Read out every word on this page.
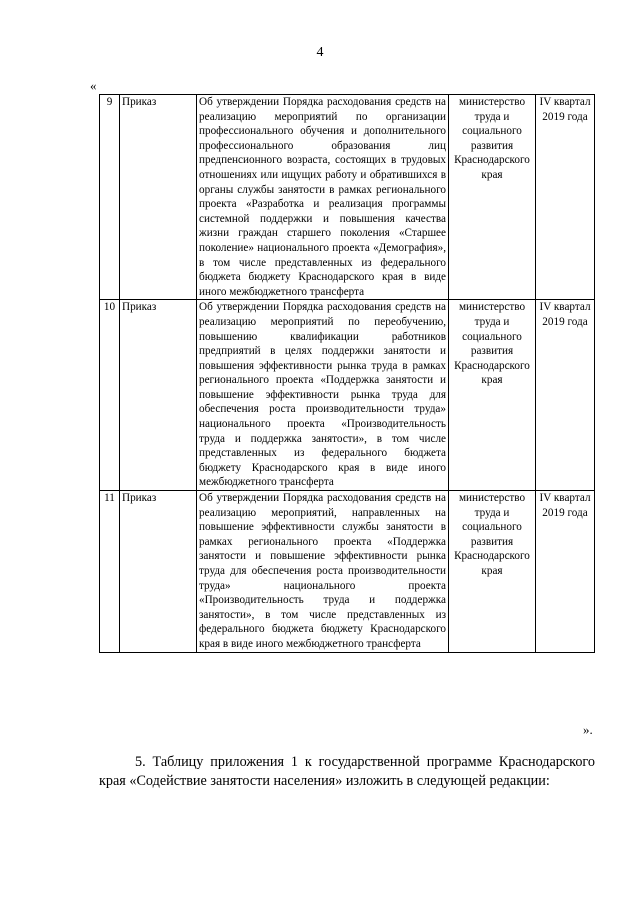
4
«
9	Приказ	Об утверждении Порядка расходования средств на реализацию мероприятий по организации профессионального обучения и дополнительного профессионального образования лиц предпенсионного возраста, состоящих в трудовых отношениях или ищущих работу и обратившихся в органы службы занятости в рамках регионального проекта «Разработка и реализация программы системной поддержки и повышения качества жизни граждан старшего поколения «Старшее поколение» национального проекта «Демография», в том числе представленных из федерального бюджета бюджету Краснодарского края в виде иного межбюджетного трансферта	министерство труда и социального развития Краснодарского края	IV квартал 2019 года
10	Приказ	Об утверждении Порядка расходования средств на реализацию мероприятий по переобучению, повышению квалификации работников предприятий в целях поддержки занятости и повышения эффективности рынка труда в рамках регионального проекта «Поддержка занятости и повышение эффективности рынка труда для обеспечения роста производительности труда» национального проекта «Производительность труда и поддержка занятости», в том числе представленных из федерального бюджета бюджету Краснодарского края в виде иного межбюджетного трансферта	министерство труда и социального развития Краснодарского края	IV квартал 2019 года
11	Приказ	Об утверждении Порядка расходования средств на реализацию мероприятий, направленных на повышение эффективности службы занятости в рамках регионального проекта «Поддержка занятости и повышение эффективности рынка труда для обеспечения роста производительности труда» национального проекта «Производительность труда и поддержка занятости», в том числе представленных из федерального бюджета бюджету Краснодарского края в виде иного межбюджетного трансферта	министерство труда и социального развития Краснодарского края	IV квартал 2019 года
».

5. Таблицу приложения 1 к государственной программе Краснодарского края «Содействие занятости населения» изложить в следующей редакции:
